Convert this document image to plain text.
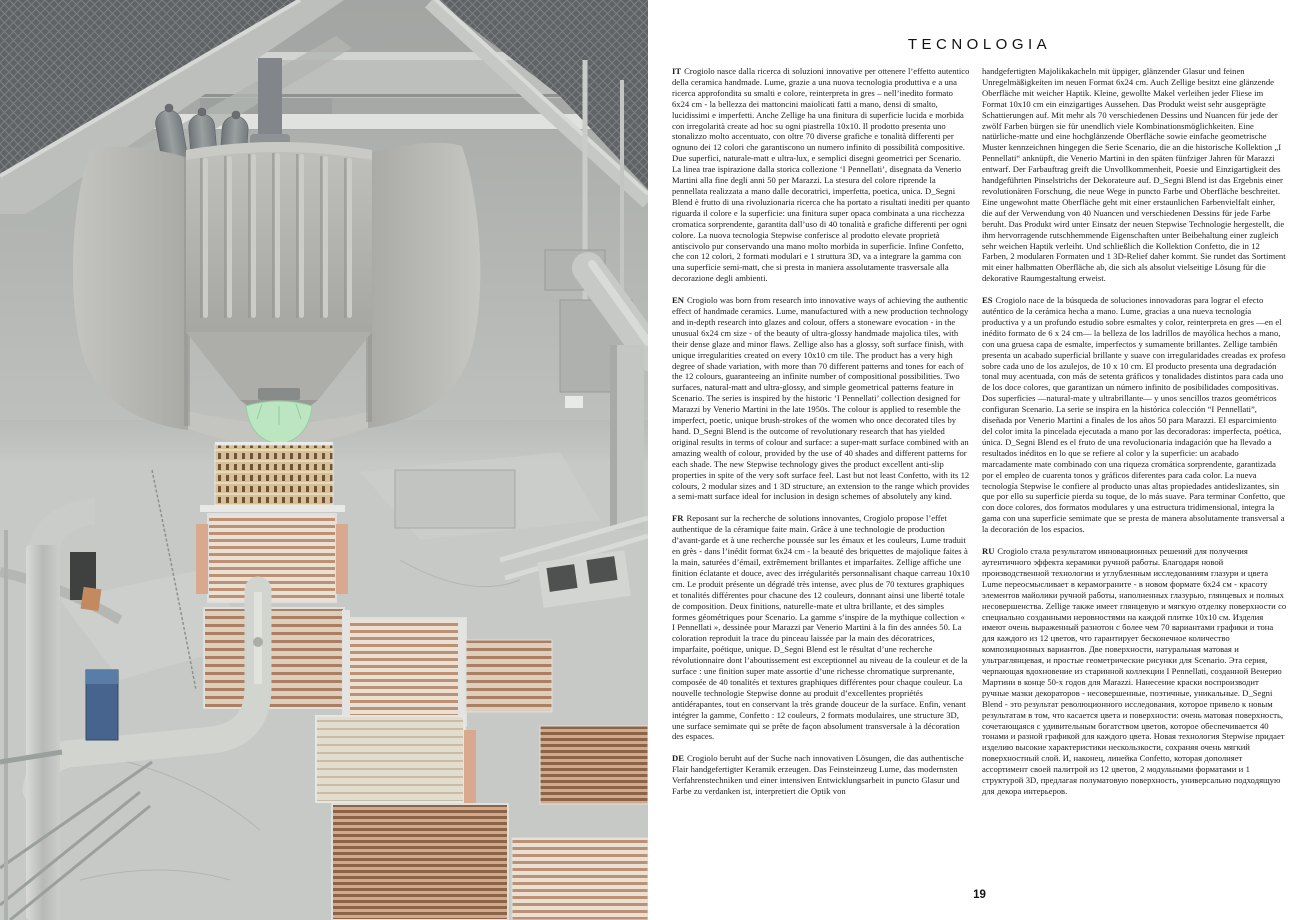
TECNOLOGIA

IT Crogiolo nasce dalla ricerca di soluzioni innovative per ottenere l’effetto autentico della ceramica handmade. Lume, grazie a una nuova tecnologia produttiva e a una ricerca approfondita su smalti e colore, reinterpreta in gres – nell’inedito formato 6x24 cm - la bellezza dei mattoncini maiolicati fatti a mano, densi di smalto, lucidissimi e imperfetti. Anche Zellige ha una finitura di superficie lucida e morbida con irregolarità create ad hoc su ogni piastrella 10x10. Il prodotto presenta uno stonalizzo molto accentuato, con oltre 70 diverse grafiche e tonalità differenti per ognuno dei 12 colori che garantiscono un numero infinito di possibilità compositive. Due superfici, naturale-matt e ultra-lux, e semplici disegni geometrici per Scenario. La linea trae ispirazione dalla storica collezione ‘I Pennellati’, disegnata da Venerio Martini alla fine degli anni 50 per Marazzi. La stesura del colore riprende la pennellata realizzata a mano dalle decoratrici, imperfetta, poetica, unica. D_Segni Blend è frutto di una rivoluzionaria ricerca che ha portato a risultati inediti per quanto riguarda il colore e la superficie: una finitura super opaca combinata a una ricchezza cromatica sorprendente, garantita dall’uso di 40 tonalità e grafiche differenti per ogni colore. La nuova tecnologia Stepwise conferisce al prodotto elevate proprietà antiscivolo pur conservando una mano molto morbida in superficie. Infine Confetto, che con 12 colori, 2 formati modulari e 1 struttura 3D, va a integrare la gamma con una superficie semi-matt, che si presta in maniera assolutamente trasversale alla decorazione degli ambienti.

EN Crogiolo was born from research into innovative ways of achieving the authentic effect of handmade ceramics. Lume, manufactured with a new production technology and in-depth research into glazes and colour, offers a stoneware evocation - in the unusual 6x24 cm size - of the beauty of ultra-glossy handmade majolica tiles, with their dense glaze and minor flaws. Zellige also has a glossy, soft surface finish, with unique irregularities created on every 10x10 cm tile. The product has a very high degree of shade variation, with more than 70 different patterns and tones for each of the 12 colours, guaranteeing an infinite number of compositional possibilities. Two surfaces, natural-matt and ultra-glossy, and simple geometrical patterns feature in Scenario. The series is inspired by the historic ‘I Pennellati’ collection designed for Marazzi by Venerio Martini in the late 1950s. The colour is applied to resemble the imperfect, poetic, unique brush-strokes of the women who once decorated tiles by hand. D_Segni Blend is the outcome of revolutionary research that has yielded original results in terms of colour and surface: a super-matt surface combined with an amazing wealth of colour, provided by the use of 40 shades and different patterns for each shade. The new Stepwise technology gives the product excellent anti-slip properties in spite of the very soft surface feel. Last but not least Confetto, with its 12 colours, 2 modular sizes and 1 3D structure, an extension to the range which provides a semi-matt surface ideal for inclusion in design schemes of absolutely any kind.

FR Reposant sur la recherche de solutions innovantes, Crogiolo propose l’effet authentique de la céramique faite main. Grâce à une technologie de production d’avant-garde et à une recherche poussée sur les émaux et les couleurs, Lume traduit en grès - dans l’inédit format 6x24 cm - la beauté des briquettes de majolique faites à la main, saturées d’émail, extrêmement brillantes et imparfaites. Zellige affiche une finition éclatante et douce, avec des irrégularités personnalisant chaque carreau 10x10 cm. Le produit présente un dégradé très intense, avec plus de 70 textures graphiques et tonalités différentes pour chacune des 12 couleurs, donnant ainsi une liberté totale de composition. Deux finitions, naturelle-mate et ultra brillante, et des simples formes géométriques pour Scenario. La gamme s’inspire de la mythique collection « I Pennellati », dessinée pour Marazzi par Venerio Martini à la fin des années 50. La coloration reproduit la trace du pinceau laissée par la main des décoratrices, imparfaite, poétique, unique. D_Segni Blend est le résultat d’une recherche révolutionnaire dont l’aboutissement est exceptionnel au niveau de la couleur et de la surface : une finition super mate assortie d’une richesse chromatique surprenante, composée de 40 tonalités et textures graphiques différentes pour chaque couleur. La nouvelle technologie Stepwise donne au produit d’excellentes propriétés antidérapantes, tout en conservant la très grande douceur de la surface. Enfin, venant intégrer la gamme, Confetto : 12 couleurs, 2 formats modulaires, une structure 3D, une surface semimate qui se prête de façon absolument transversale à la décoration des espaces.

DE Crogiolo beruht auf der Suche nach innovativen Lösungen, die das authentische Flair handgefertigter Keramik erzeugen. Das Feinsteinzeug Lume, das modernsten Verfahrenstechniken und einer intensiven Entwicklungsarbeit in puncto Glasur und Farbe zu verdanken ist, interpretiert die Optik von

handgefertigten Majolikakacheln mit üppiger, glänzender Glasur und feinen Unregelmäßigkeiten im neuen Format 6x24 cm. Auch Zellige besitzt eine glänzende Oberfläche mit weicher Haptik. Kleine, gewollte Makel verleihen jeder Fliese im Format 10x10 cm ein einzigartiges Aussehen. Das Produkt weist sehr ausgeprägte Schattierungen auf. Mit mehr als 70 verschiedenen Dessins und Nuancen für jede der zwölf Farben bürgen sie für unendlich viele Kombinationsmöglichkeiten. Eine natürliche-matte und eine hochglänzende Oberfläche sowie einfache geometrische Muster kennzeichnen hingegen die Serie Scenario, die an die historische Kollektion „I Pennellati“ anknüpft, die Venerio Martini in den späten fünfziger Jahren für Marazzi entwarf. Der Farbauftrag greift die Unvollkommenheit, Poesie und Einzigartigkeit des handgeführten Pinselstrichs der Dekorateure auf. D_Segni Blend ist das Ergebnis einer revolutionären Forschung, die neue Wege in puncto Farbe und Oberfläche beschreitet. Eine ungewohnt matte Oberfläche geht mit einer erstaunlichen Farbenvielfalt einher, die auf der Verwendung von 40 Nuancen und verschiedenen Dessins für jede Farbe beruht. Das Produkt wird unter Einsatz der neuen Stepwise Technologie hergestellt, die ihm hervorragende rutschhemmende Eigenschaften unter Beibehaltung einer zugleich sehr weichen Haptik verleiht. Und schließlich die Kollektion Confetto, die in 12 Farben, 2 modularen Formaten und 1 3D-Relief daher kommt. Sie rundet das Sortiment mit einer halbmatten Oberfläche ab, die sich als absolut vielseitige Lösung für die dekorative Raumgestaltung erweist.

ES Crogiolo nace de la búsqueda de soluciones innovadoras para lograr el efecto auténtico de la cerámica hecha a mano. Lume, gracias a una nueva tecnología productiva y a un profundo estudio sobre esmaltes y color, reinterpreta en gres —en el inédito formato de 6 x 24 cm— la belleza de los ladrillos de mayólica hechos a mano, con una gruesa capa de esmalte, imperfectos y sumamente brillantes. Zellige también presenta un acabado superficial brillante y suave con irregularidades creadas ex profeso sobre cada uno de los azulejos, de 10 x 10 cm. El producto presenta una degradación tonal muy acentuada, con más de setenta gráficos y tonalidades distintos para cada uno de los doce colores, que garantizan un número infinito de posibilidades compositivas. Dos superficies —natural-mate y ultrabrillante— y unos sencillos trazos geométricos configuran Scenario. La serie se inspira en la histórica colección “I Pennellati”, diseñada por Venerio Martini a finales de los años 50 para Marazzi. El esparcimiento del color imita la pincelada ejecutada a mano por las decoradoras: imperfecta, poética, única. D_Segni Blend es el fruto de una revolucionaria indagación que ha llevado a resultados inéditos en lo que se refiere al color y la superficie: un acabado marcadamente mate combinado con una riqueza cromática sorprendente, garantizada por el empleo de cuarenta tonos y gráficos diferentes para cada color. La nueva tecnología Stepwise le confiere al producto unas altas propiedades antideslizantes, sin que por ello su superficie pierda su toque, de lo más suave. Para terminar Confetto, que con doce colores, dos formatos modulares y una estructura tridimensional, integra la gama con una superficie semimate que se presta de manera absolutamente transversal a la decoración de los espacios.

RU Crogiolo стала результатом инновационных решений для получения аутентичного эффекта керамики ручной работы. Благодаря новой производственной технологии и углубленным исследованиям глазури и цвета Lume переосмысливает в керамограните - в новом формате 6x24 см - красоту элементов майолики ручной работы, наполненных глазурью, глянцевых и полных несовершенства. Zellige также имеет глянцевую и мягкую отделку поверхности со специально созданными неровностями на каждой плитке 10x10 см. Изделия имеют очень выраженный разнотон с более чем 70 вариантами графики и тона для каждого из 12 цветов, что гарантирует бесконечное количество композиционных вариантов. Две поверхности, натуральная матовая и ультраглянцевая, и простые геометрические рисунки для Scenario. Эта серия, черпающая вдохновение из старинной коллекции I Pennellati, созданной Венерио Мартини в конце 50-х годов для Marazzi. Нанесение краски воспроизводит ручные мазки декораторов - несовершенные, поэтичные, уникальные. D_Segni Blend - это результат революционного исследования, которое привело к новым результатам в том, что касается цвета и поверхности: очень матовая поверхность, сочетающаяся с удивительным богатством цветов, которое обеспечивается 40 тонами и разной графикой для каждого цвета. Новая технология Stepwise придает изделию высокие характеристики нескользкости, сохраняя очень мягкий поверхностный слой. И, наконец, линейка Confetto, которая дополняет ассортимент своей палитрой из 12 цветов, 2 модульными форматами и 1 структурой 3D, предлагая полуматовую поверхность, универсально подходящую для декора интерьеров.

19
